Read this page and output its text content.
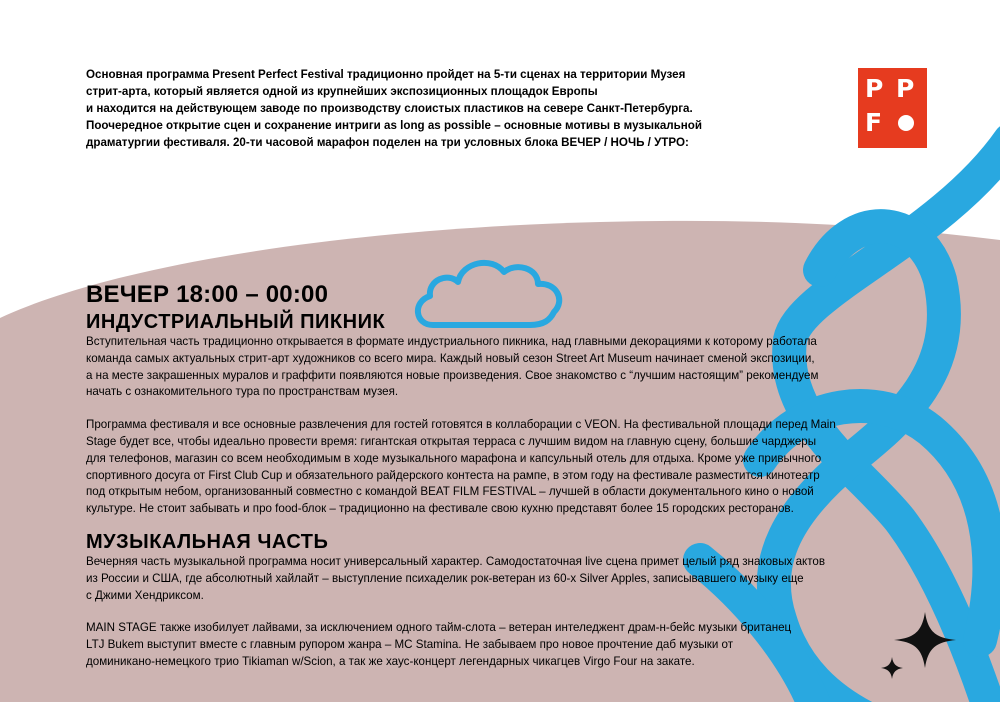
Основная программа Present Perfect Festival традиционно пройдет на 5-ти сценах на территории Музея
стрит-арта, который является одной из крупнейших экспозиционных площадок Европы
и находится на действующем заводе по производству слоистых пластиков на севере Санкт-Петербурга.
Поочередное открытие сцен и сохранение интриги as long as possible – основные мотивы в музыкальной
драматургии фестиваля. 20-ти часовой марафон поделен на три условных блока ВЕЧЕР / НОЧЬ / УТРО:
P P
F
ВЕЧЕР 18:00 – 00:00
ИНДУСТРИАЛЬНЫЙ ПИКНИК
Вступительная часть традиционно открывается в формате индустриального пикника, над главными декорациями к которому работала
команда самых актуальных стрит-арт художников со всего мира. Каждый новый сезон Street Art Museum начинает сменой экспозиции,
а на месте закрашенных муралов и граффити появляются новые произведения. Свое знакомство с “лучшим настоящим” рекомендуем
начать с ознакомительного тура по пространствам музея.
Программа фестиваля и все основные развлечения для гостей готовятся в коллаборации с VEON. На фестивальной площади перед Main
Stage будет все, чтобы идеально провести время: гигантская открытая терраса с лучшим видом на главную сцену, большие чарджеры
для телефонов, магазин со всем необходимым в ходе музыкального марафона и капсульный отель для отдыха. Кроме уже привычного
спортивного досуга от First Club Cup и обязательного райдерского контеста на рампе, в этом году на фестивале разместится кинотеатр
под открытым небом, организованный совместно с командой BEAT FILM FESTIVAL – лучшей в области документального кино о новой
культуре. Не стоит забывать и про food-блок – традиционно на фестивале свою кухню представят более 15 городских ресторанов.
МУЗЫКАЛЬНАЯ ЧАСТЬ
Вечерняя часть музыкальной программа носит универсальный характер. Самодостаточная live сцена примет целый ряд знаковых актов
из России и США, где абсолютный хайлайт – выступление психаделик рок-ветеран из 60-х Silver Apples, записывавшего музыку еще
с Джими Хендриксом.
MAIN STAGE также изобилует лайвами, за исключением одного тайм-слота – ветеран интеледжент драм-н-бейс музыки британец
LTJ Bukem выступит вместе с главным рупором жанра – MC Stamina. Не забываем про новое прочтение даб музыки от
доминикано-немецкого трио Tikiaman w/Scion, а так же хаус-концерт легендарных чикагцев Virgo Four на закате.
